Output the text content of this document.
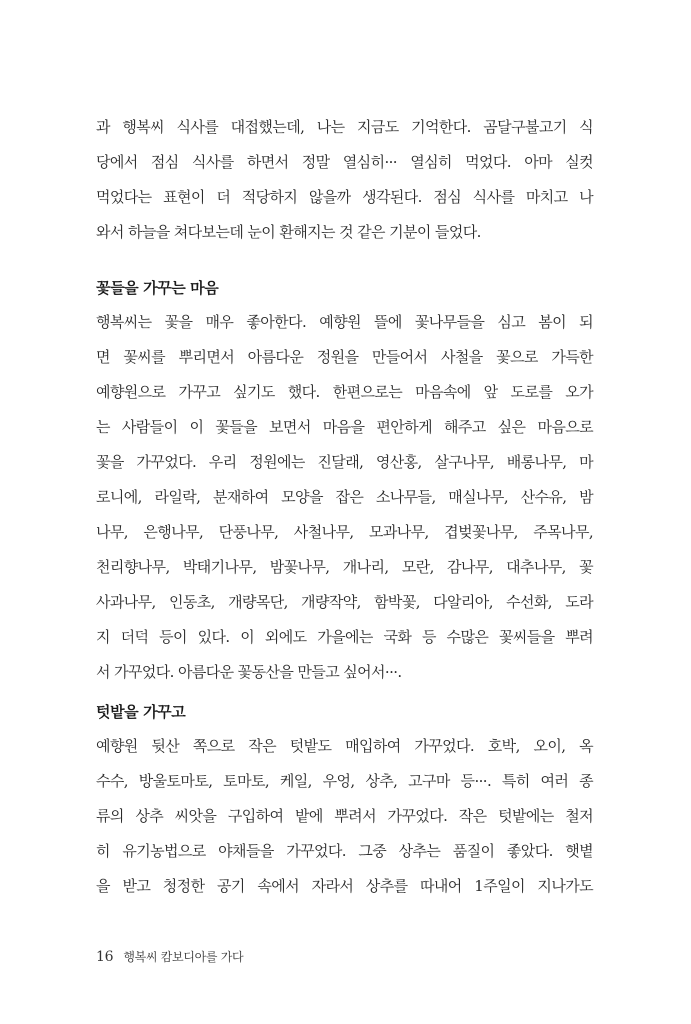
과 행복씨 식사를 대접했는데, 나는 지금도 기억한다. 곰달구불고기 식
당에서 점심 식사를 하면서 정말 열심히··· 열심히 먹었다. 아마 실컷
먹었다는 표현이 더 적당하지 않을까 생각된다. 점심 식사를 마치고 나
와서 하늘을 쳐다보는데 눈이 환해지는 것 같은 기분이 들었다.
꽃들을 가꾸는 마음
행복씨는 꽃을 매우 좋아한다. 예향원 뜰에 꽃나무들을 심고 봄이 되
면 꽃씨를 뿌리면서 아름다운 정원을 만들어서 사철을 꽃으로 가득한
예향원으로 가꾸고 싶기도 했다. 한편으로는 마음속에 앞 도로를 오가
는 사람들이 이 꽃들을 보면서 마음을 편안하게 해주고 싶은 마음으로
꽃을 가꾸었다. 우리 정원에는 진달래, 영산홍, 살구나무, 배롱나무, 마
로니에, 라일락, 분재하여 모양을 잡은 소나무들, 매실나무, 산수유, 밤
나무, 은행나무, 단풍나무, 사철나무, 모과나무, 겹벚꽃나무, 주목나무,
천리향나무, 박태기나무, 밤꽃나무, 개나리, 모란, 감나무, 대추나무, 꽃
사과나무, 인동초, 개량목단, 개량작약, 함박꽃, 다알리아, 수선화, 도라
지 더덕 등이 있다. 이 외에도 가을에는 국화 등 수많은 꽃씨들을 뿌려
서 가꾸었다. 아름다운 꽃동산을 만들고 싶어서···.
텃밭을 가꾸고
예향원 뒷산 쪽으로 작은 텃밭도 매입하여 가꾸었다. 호박, 오이, 옥
수수, 방울토마토, 토마토, 케일, 우엉, 상추, 고구마 등···. 특히 여러 종
류의 상추 씨앗을 구입하여 밭에 뿌려서 가꾸었다. 작은 텃밭에는 철저
히 유기농법으로 야채들을 가꾸었다. 그중 상추는 품질이 좋았다. 햇볕
을 받고 청정한 공기 속에서 자라서 상추를 따내어 1주일이 지나가도
16 행복씨 캄보디아를 가다
